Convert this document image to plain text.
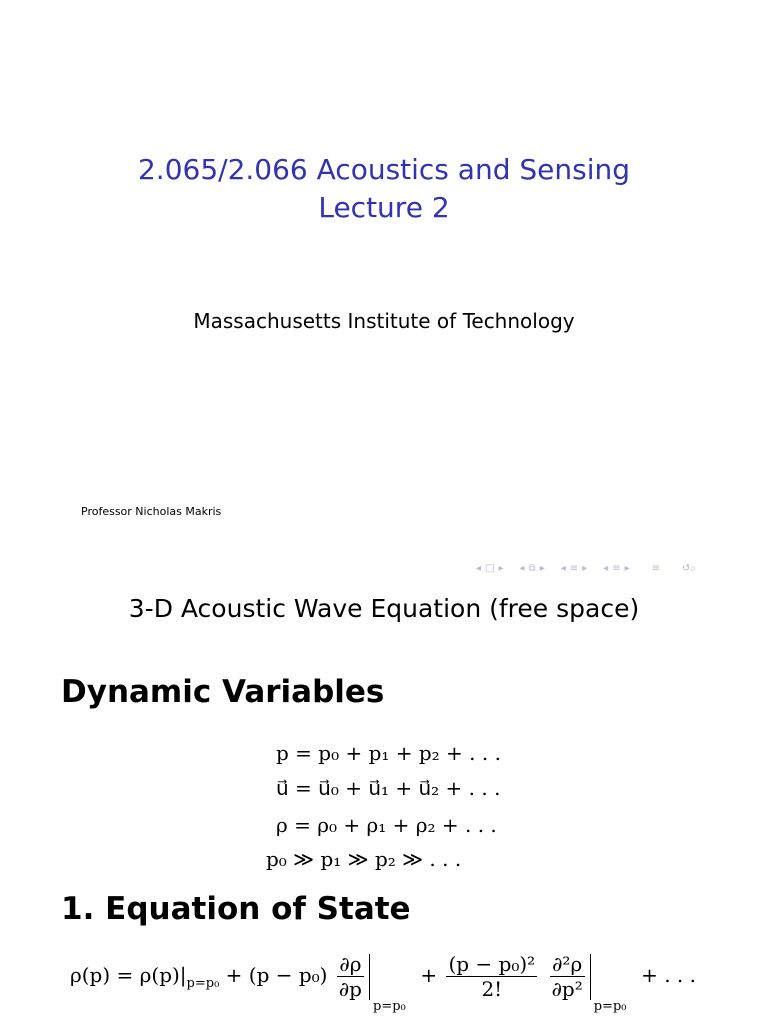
2.065/2.066 Acoustics and Sensing
Lecture 2
Massachusetts Institute of Technology
Professor Nicholas Makris
◂ □ ▸ ◂ ⧉ ▸ ◂ ≡ ▸ ◂ ≡ ▸ ≡ ↺⌕
3-D Acoustic Wave Equation (free space)
Dynamic Variables
p = p₀ + p₁ + p₂ + . . .
u⃗ = u⃗₀ + u⃗₁ + u⃗₂ + . . .
ρ = ρ₀ + ρ₁ + ρ₂ + . . .
p₀ ≫ p₁ ≫ p₂ ≫ . . .
1. Equation of State
$\rho(p) = \rho(p)|_{p=p_0} + (p - p_0) \frac{\partial\rho}{\partial p}$
p=p₀
+ $\frac{\text{(p − p₀)²}}{2!}$
$\frac{\text{∂²ρ}}{\text{∂p²}}$
p=p₀
+ . . .
